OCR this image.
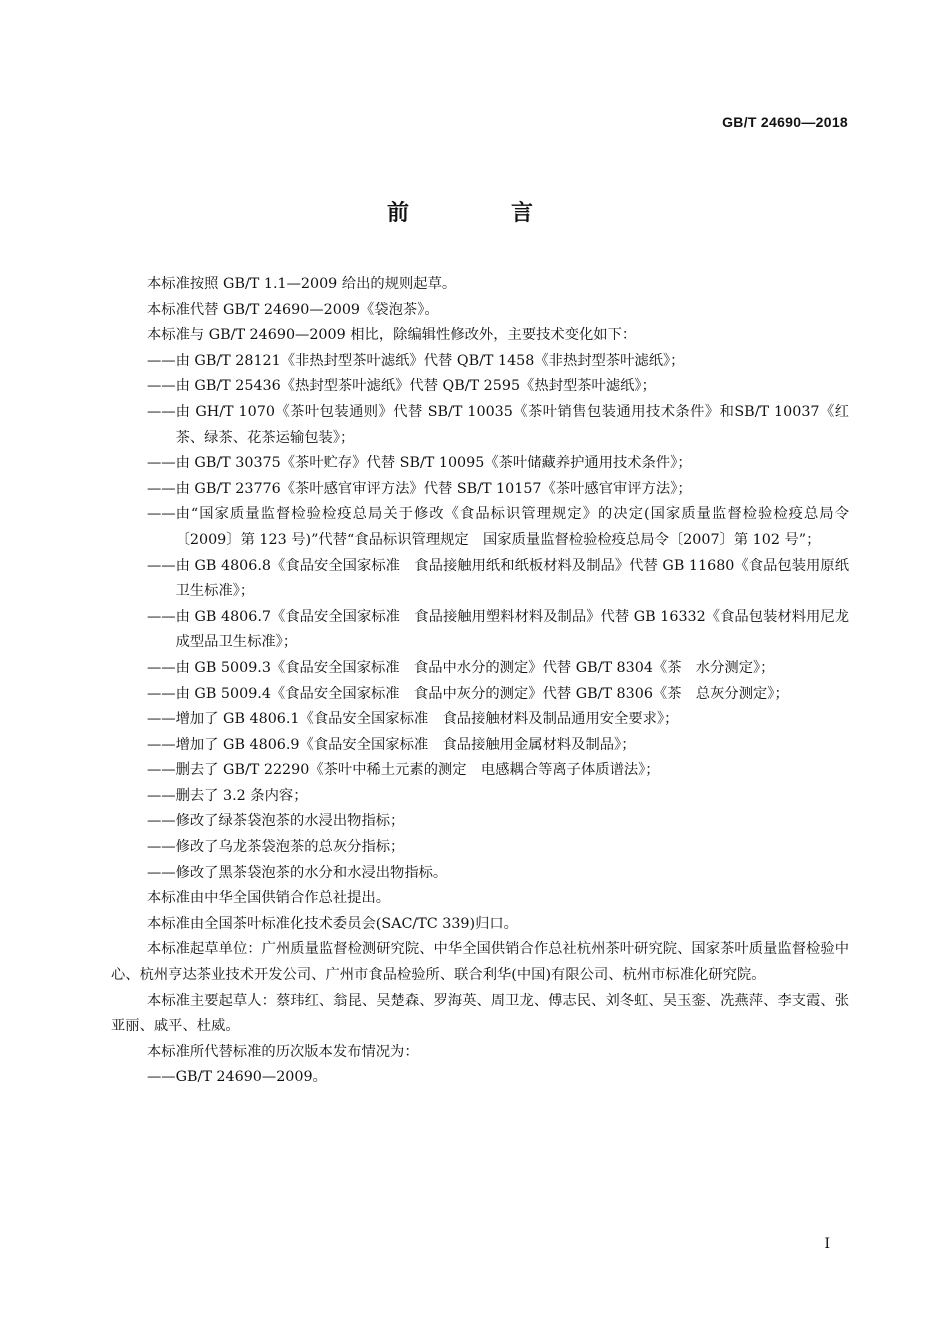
GB/T 24690—2018
前　言

本标准按照 GB/T 1.1—2009 给出的规则起草。

本标准代替 GB/T 24690—2009《袋泡茶》。

本标准与 GB/T 24690—2009 相比，除编辑性修改外，主要技术变化如下：

—— 由 GB/T 28121《非热封型茶叶滤纸》代替 QB/T 1458《非热封型茶叶滤纸》；
—— 由 GB/T 25436《热封型茶叶滤纸》代替 QB/T 2595《热封型茶叶滤纸》；
—— 由 GH/T 1070《茶叶包装通则》代替 SB/T 10035《茶叶销售包装通用技术条件》和SB/T 10037《红茶、绿茶、花茶运输包装》；
—— 由 GB/T 30375《茶叶贮存》代替 SB/T 10095《茶叶储藏养护通用技术条件》；
—— 由 GB/T 23776《茶叶感官审评方法》代替 SB/T 10157《茶叶感官审评方法》；
—— 由“国家质量监督检验检疫总局关于修改《食品标识管理规定》的决定(国家质量监督检验检疫总局令〔2009〕第 123 号)”代替“食品标识管理规定　国家质量监督检验检疫总局令〔2007〕第 102 号”；
—— 由 GB 4806.8《食品安全国家标准　食品接触用纸和纸板材料及制品》代替 GB 11680《食品包装用原纸卫生标准》；
—— 由 GB 4806.7《食品安全国家标准　食品接触用塑料材料及制品》代替 GB 16332《食品包装材料用尼龙成型品卫生标准》；
—— 由 GB 5009.3《食品安全国家标准　食品中水分的测定》代替 GB/T 8304《茶　水分测定》；
—— 由 GB 5009.4《食品安全国家标准　食品中灰分的测定》代替 GB/T 8306《茶　总灰分测定》；
—— 增加了 GB 4806.1《食品安全国家标准　食品接触材料及制品通用安全要求》；
—— 增加了 GB 4806.9《食品安全国家标准　食品接触用金属材料及制品》；
—— 删去了 GB/T 22290《茶叶中稀土元素的测定　电感耦合等离子体质谱法》；
—— 删去了 3.2 条内容；
—— 修改了绿茶袋泡茶的水浸出物指标；
—— 修改了乌龙茶袋泡茶的总灰分指标；
—— 修改了黑茶袋泡茶的水分和水浸出物指标。

本标准由中华全国供销合作总社提出。

本标准由全国茶叶标准化技术委员会(SAC/TC 339)归口。

本标准起草单位：广州质量监督检测研究院、中华全国供销合作总社杭州茶叶研究院、国家茶叶质量监督检验中心、杭州亨达茶业技术开发公司、广州市食品检验所、联合利华(中国)有限公司、杭州市标准化研究院。

本标准主要起草人：蔡玮红、翁昆、吴楚森、罗海英、周卫龙、傅志民、刘冬虹、吴玉銮、冼燕萍、李支霞、张亚丽、戚平、杜威。

本标准所代替标准的历次版本发布情况为：

—— GB/T 24690—2009。
I
